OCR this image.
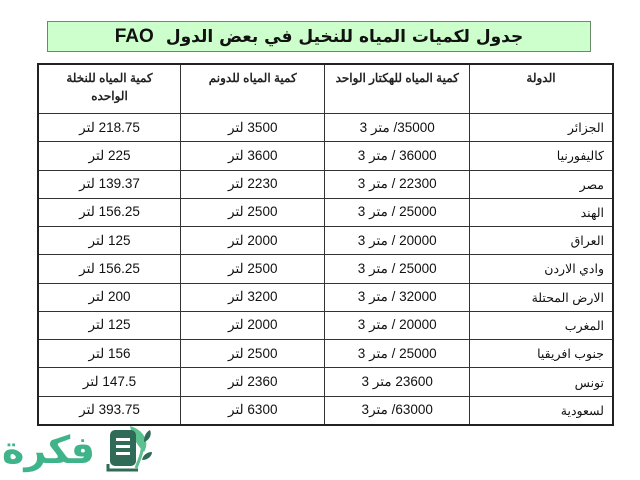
FAO جدول لكميات المياه للنخيل في بعض الدول
الدولة	كمية المياه للهكتار الواحد	كمية المياه للدونم	كمية المياه للنخلة الواحده
الجزائر	35000/ متر 3	3500 لتر	218.75 لتر
كاليفورنيا	36000 / متر 3	3600 لتر	225 لتر
مصر	22300 / متر 3	2230 لتر	139.37 لتر
الهند	25000 / متر 3	2500 لتر	156.25 لتر
العراق	20000 / متر 3	2000 لتر	125 لتر
وادي الاردن	25000 / متر 3	2500 لتر	156.25 لتر
الارض المحتلة	32000 / متر 3	3200 لتر	200 لتر
المغرب	20000 / متر 3	2000 لتر	125 لتر
جنوب افريقيا	25000 / متر 3	2500 لتر	156 لتر
تونس	23600 متر 3	2360 لتر	147.5 لتر
لسعودية	63000/ متر3	6300 لتر	393.75 لتر
فكرة
